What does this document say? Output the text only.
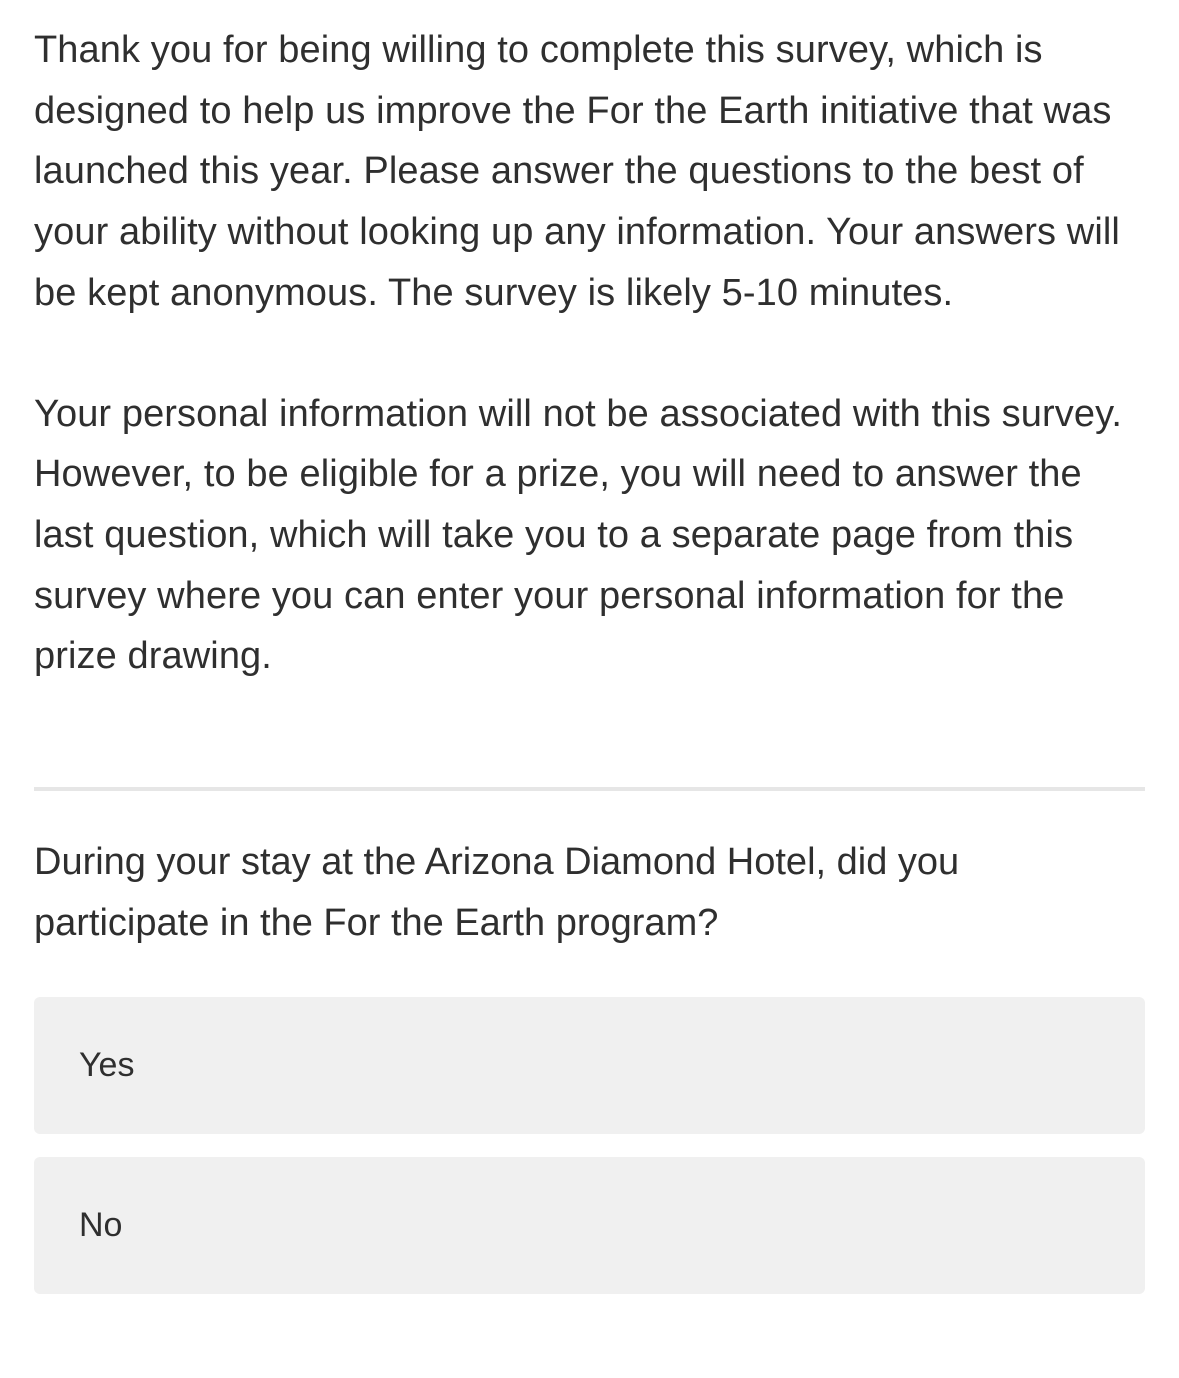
Thank you for being willing to complete this survey, which is designed to help us improve the For the Earth initiative that was launched this year. Please answer the questions to the best of your ability without looking up any information. Your answers will be kept anonymous. The survey is likely 5-10 minutes.

Your personal information will not be associated with this survey. However, to be eligible for a prize, you will need to answer the last question, which will take you to a separate page from this survey where you can enter your personal information for the prize drawing.

During your stay at the Arizona Diamond Hotel, did you participate in the For the Earth program?
Yes
No
